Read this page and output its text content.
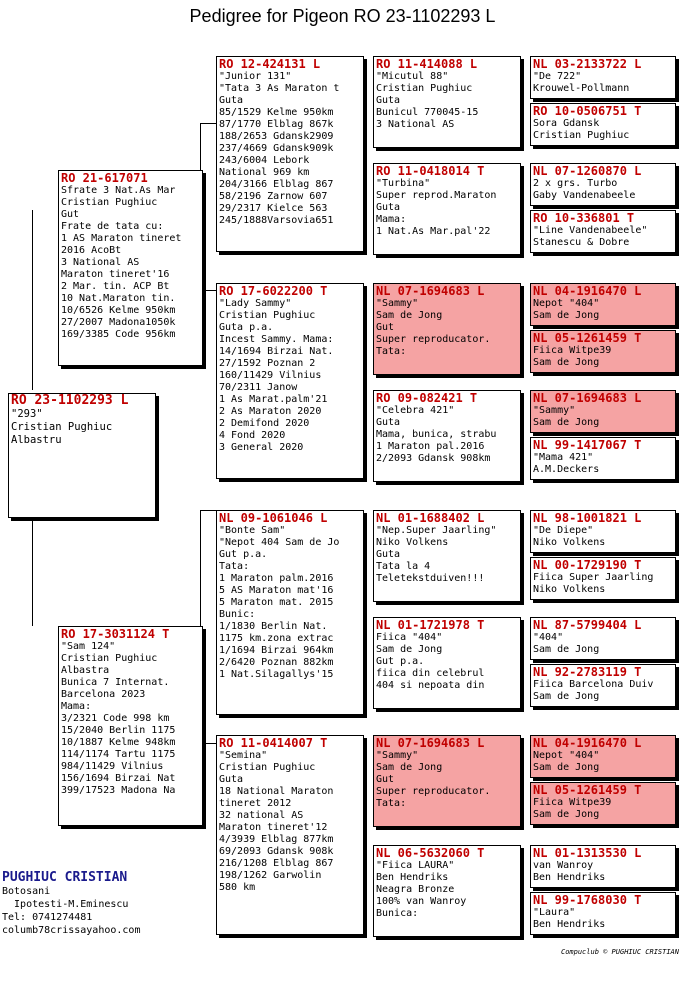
Pedigree for Pigeon RO 23-1102293 L
RO 23-1102293 L
"293"
Cristian Pughiuc
Albastru
RO 21-617071
Sfrate 3 Nat.As Mar
Cristian Pughiuc
Gut
Frate de tata cu:
1 AS Maraton tineret
2016 AcoBt
3 National AS
Maraton tineret'16
2 Mar. tin. ACP Bt
10 Nat.Maraton tin.
10/6526 Kelme 950km
27/2007 Madona1050k
169/3385 Code 956km
RO 17-3031124 T
"Sam 124"
Cristian Pughiuc
Albastra
Bunica 7 Internat.
Barcelona 2023
Mama:
3/2321 Code 998 km
15/2040 Berlin 1175
10/1887 Kelme 948km
114/1174 Tartu 1175
984/11429 Vilnius
156/1694 Birzai Nat
399/17523 Madona Na
RO 12-424131 L
"Junior 131"
"Tata 3 As Maraton t
Guta
85/1529 Kelme 950km
87/1770 Elblag 867k
188/2653 Gdansk2909
237/4669 Gdansk909k
243/6004 Lebork
National 969 km
204/3166 Elblag 867
58/2196 Zarnow 607
29/2317 Kielce 563
245/1888Varsovia651
RO 17-6022200 T
"Lady Sammy"
Cristian Pughiuc
Guta p.a.
Incest Sammy. Mama:
14/1694 Birzai Nat.
27/1592 Poznan 2
160/11429 Vilnius
70/2311 Janow
1 As Marat.palm'21
2 As Maraton 2020
2 Demifond 2020
4 Fond 2020
3 General 2020
NL 09-1061046 L
"Bonte Sam"
"Nepot 404 Sam de Jo
Gut p.a.
Tata:
1 Maraton palm.2016
5 AS Maraton mat'16
5 Maraton mat. 2015
Bunic:
1/1830 Berlin Nat.
1175 km.zona extrac
1/1694 Birzai 964km
2/6420 Poznan 882km
1 Nat.Silagallys'15
RO 11-0414007 T
"Semina"
Cristian Pughiuc
Guta
18 National Maraton
tineret 2012
32 national AS
Maraton tineret'12
4/3939 Elblag 877km
69/2093 Gdansk 908k
216/1208 Elblag 867
198/1262 Garwolin
580 km
RO 11-414088 L
"Micutul 88"
Cristian Pughiuc
Guta
Bunicul 770045-15
3 National AS
RO 11-0418014 T
"Turbina"
Super reprod.Maraton
Guta
Mama:
1 Nat.As Mar.pal'22
NL 07-1694683 L
"Sammy"
Sam de Jong
Gut
Super reproducator.
Tata:
RO 09-082421 T
"Celebra 421"
Guta
Mama, bunica, strabu
1 Maraton pal.2016
2/2093 Gdansk 908km
NL 01-1688402 L
"Nep.Super Jaarling"
Niko Volkens
Guta
Tata la 4
Teletekstduiven!!!
NL 01-1721978 T
Fiica "404"
Sam de Jong
Gut p.a.
fiica din celebrul
404 si nepoata din
NL 07-1694683 L
"Sammy"
Sam de Jong
Gut
Super reproducator.
Tata:
NL 06-5632060 T
"Fiica LAURA"
Ben Hendriks
Neagra Bronze
100% van Wanroy
Bunica:
NL 03-2133722 L
"De 722"
Krouwel-Pollmann
RO 10-0506751 T
Sora Gdansk
Cristian Pughiuc
NL 07-1260870 L
2 x grs. Turbo
Gaby Vandenabeele
RO 10-336801 T
"Line Vandenabeele"
Stanescu & Dobre
NL 04-1916470 L
Nepot "404"
Sam de Jong
NL 05-1261459 T
Fiica Witpe39
Sam de Jong
NL 07-1694683 L
"Sammy"
Sam de Jong
NL 99-1417067 T
"Mama 421"
A.M.Deckers
NL 98-1001821 L
"De Diepe"
Niko Volkens
NL 00-1729190 T
Fiica Super Jaarling
Niko Volkens
NL 87-5799404 L
"404"
Sam de Jong
NL 92-2783119 T
Fiica Barcelona Duiv
Sam de Jong
NL 04-1916470 L
Nepot "404"
Sam de Jong
NL 05-1261459 T
Fiica Witpe39
Sam de Jong
NL 01-1313530 L
van Wanroy
Ben Hendriks
NL 99-1768030 T
"Laura"
Ben Hendriks
PUGHIUC CRISTIAN
Botosani
Ipotesti-M.Eminescu
Tel: 0741274481
columb78crissayahoo.com
Compuclub © PUGHIUC CRISTIAN
